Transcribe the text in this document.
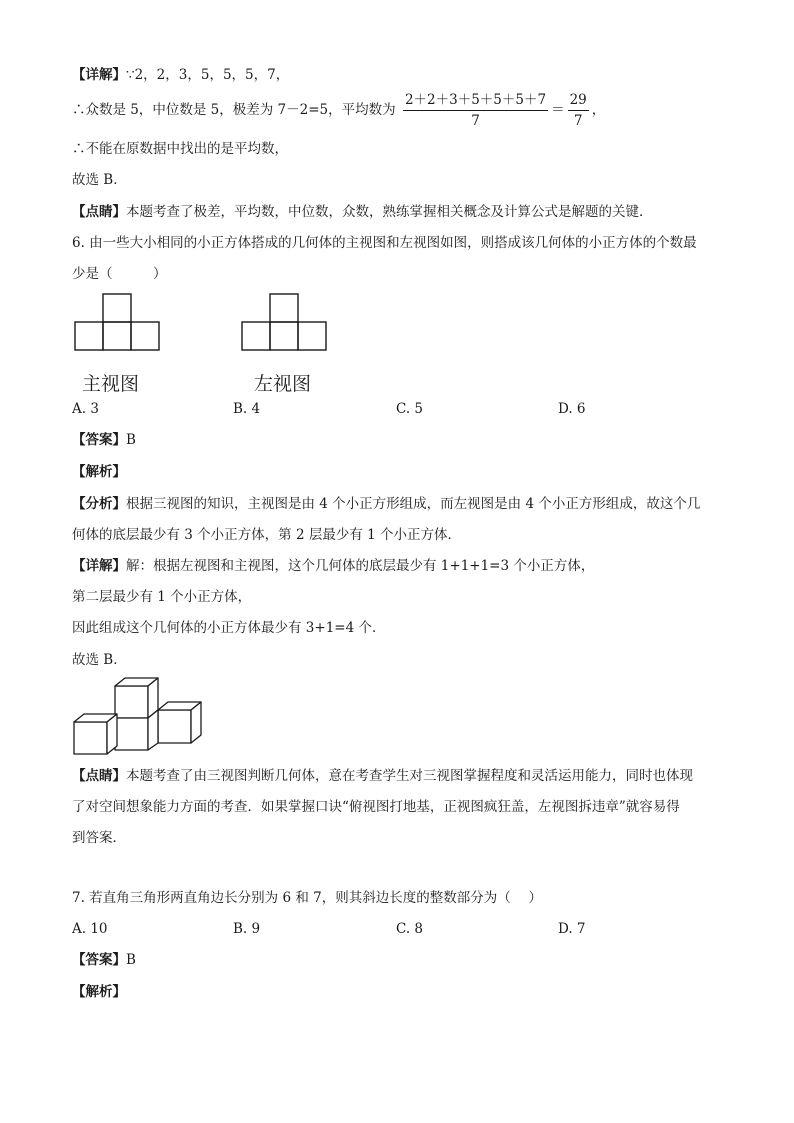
【详解】∵2，2，3，5，5，5，7，
∴众数是 5，中位数是 5，极差为 7－2=5，平均数为 $\frac{2+2+3+5+5+5+7}{7} = \frac{29}{7}$ ，
∴不能在原数据中找出的是平均数，
故选 B．
【点睛】本题考查了极差，平均数，中位数，众数，熟练掌握相关概念及计算公式是解题的关键．
6. 由一些大小相同的小正方体搭成的几何体的主视图和左视图如图，则搭成该几何体的小正方体的个数最
少是（　　　）
主视图	左视图
A. 3	B. 4	C. 5	D. 6
【答案】B
【解析】
【分析】根据三视图的知识，主视图是由 4 个小正方形组成，而左视图是由 4 个小正方形组成，故这个几
何体的底层最少有 3 个小正方体，第 2 层最少有 1 个小正方体．
【详解】解：根据左视图和主视图，这个几何体的底层最少有 1+1+1=3 个小正方体，
第二层最少有 1 个小正方体，
因此组成这个几何体的小正方体最少有 3+1=4 个．
故选 B．
【点睛】本题考查了由三视图判断几何体，意在考查学生对三视图掌握程度和灵活运用能力，同时也体现
了对空间想象能力方面的考查．如果掌握口诀“俯视图打地基，正视图疯狂盖，左视图拆违章”就容易得
到答案．
7. 若直角三角形两直角边长分别为 6 和 7，则其斜边长度的整数部分为（　 ）
A. 10	B. 9	C. 8	D. 7
【答案】B
【解析】
